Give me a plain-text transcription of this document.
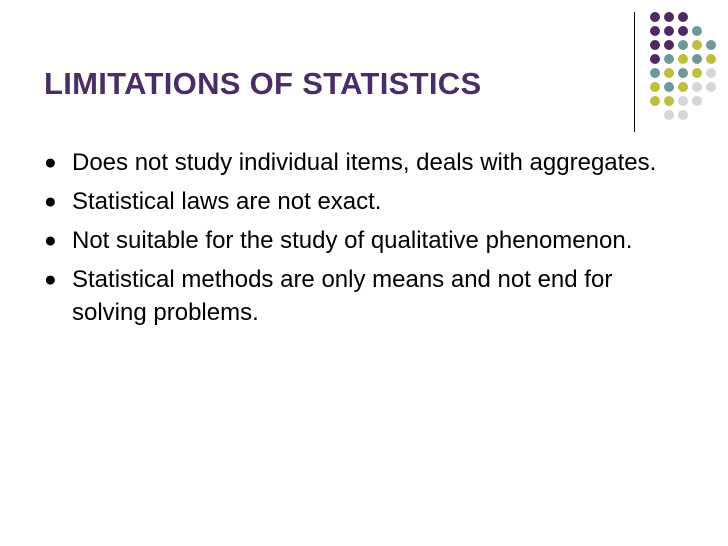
LIMITATIONS OF STATISTICS
● Does not study individual items, deals with aggregates.
● Statistical laws are not exact.
● Not suitable for the study of qualitative phenomenon.
● Statistical methods are only means and not end for solving problems.
